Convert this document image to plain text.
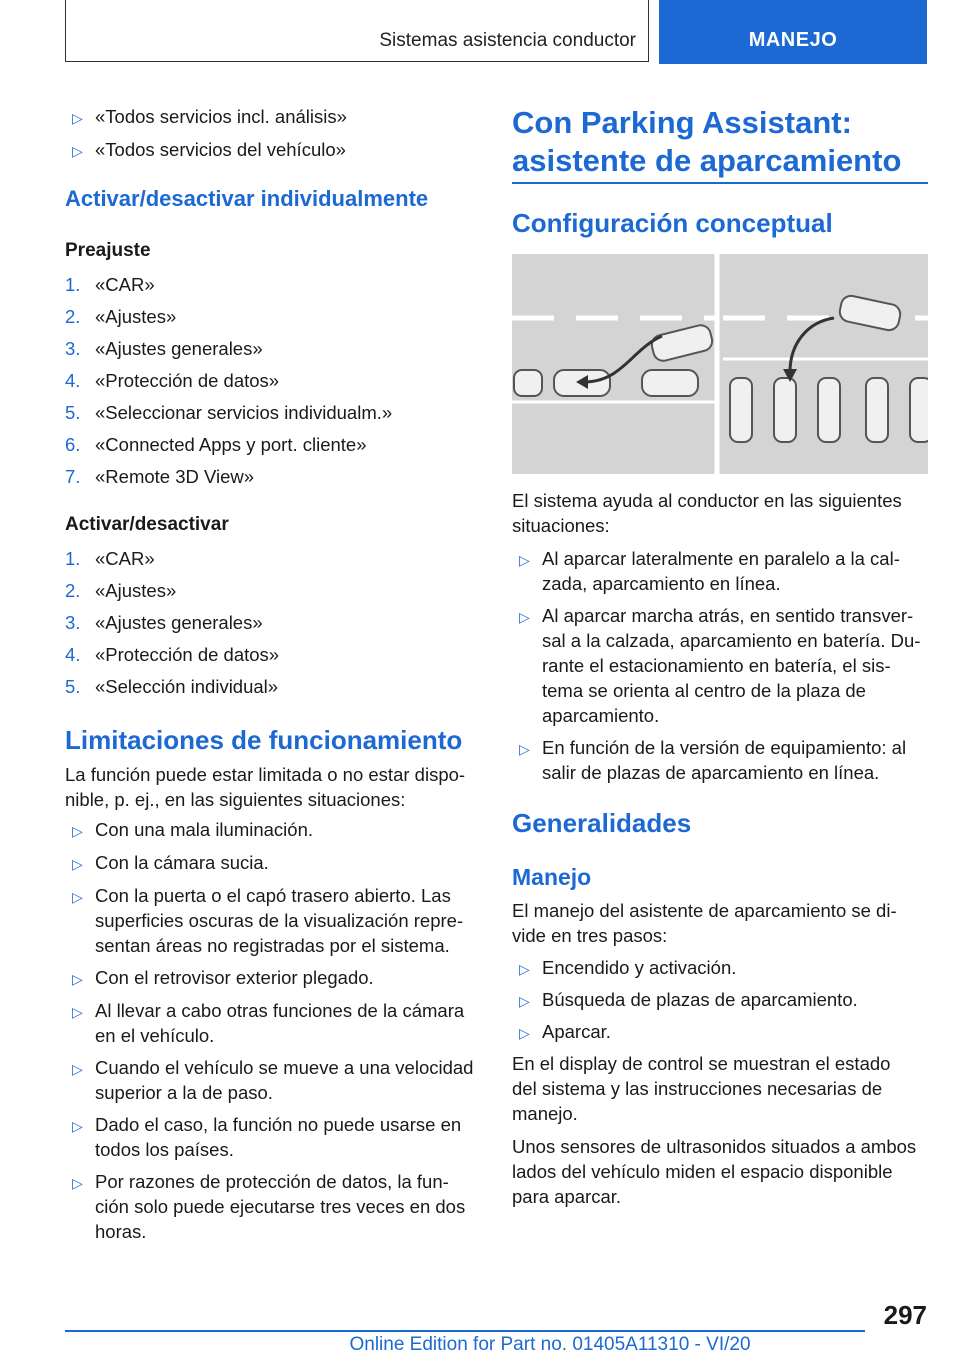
Sistemas asistencia conductor	MANEJO
▷ «Todos servicios incl. análisis»
▷ «Todos servicios del vehículo»
Activar/desactivar individualmente
Preajuste
1. «CAR»
2. «Ajustes»
3. «Ajustes generales»
4. «Protección de datos»
5. «Seleccionar servicios individualm.»
6. «Connected Apps y port. cliente»
7. «Remote 3D View»
Activar/desactivar
1. «CAR»
2. «Ajustes»
3. «Ajustes generales»
4. «Protección de datos»
5. «Selección individual»
Limitaciones de funcionamiento
La función puede estar limitada o no estar dispo-
nible, p. ej., en las siguientes situaciones:
▷ Con una mala iluminación.
▷ Con la cámara sucia.
▷ Con la puerta o el capó trasero abierto. Las
superficies oscuras de la visualización repre-
sentan áreas no registradas por el sistema.
▷ Con el retrovisor exterior plegado.
▷ Al llevar a cabo otras funciones de la cámara
en el vehículo.
▷ Cuando el vehículo se mueve a una velocidad
superior a la de paso.
▷ Dado el caso, la función no puede usarse en
todos los países.
▷ Por razones de protección de datos, la fun-
ción solo puede ejecutarse tres veces en dos
horas.
Con Parking Assistant:
asistente de aparcamiento
Configuración conceptual
El sistema ayuda al conductor en las siguientes
situaciones:
▷ Al aparcar lateralmente en paralelo a la cal-
zada, aparcamiento en línea.
▷ Al aparcar marcha atrás, en sentido transver-
sal a la calzada, aparcamiento en batería. Du-
rante el estacionamiento en batería, el sis-
tema se orienta al centro de la plaza de
aparcamiento.
▷ En función de la versión de equipamiento: al
salir de plazas de aparcamiento en línea.
Generalidades
Manejo
El manejo del asistente de aparcamiento se di-
vide en tres pasos:
▷ Encendido y activación.
▷ Búsqueda de plazas de aparcamiento.
▷ Aparcar.
En el display de control se muestran el estado
del sistema y las instrucciones necesarias de
manejo.
Unos sensores de ultrasonidos situados a ambos
lados del vehículo miden el espacio disponible
para aparcar.
297
Online Edition for Part no. 01405A11310 - VI/20
